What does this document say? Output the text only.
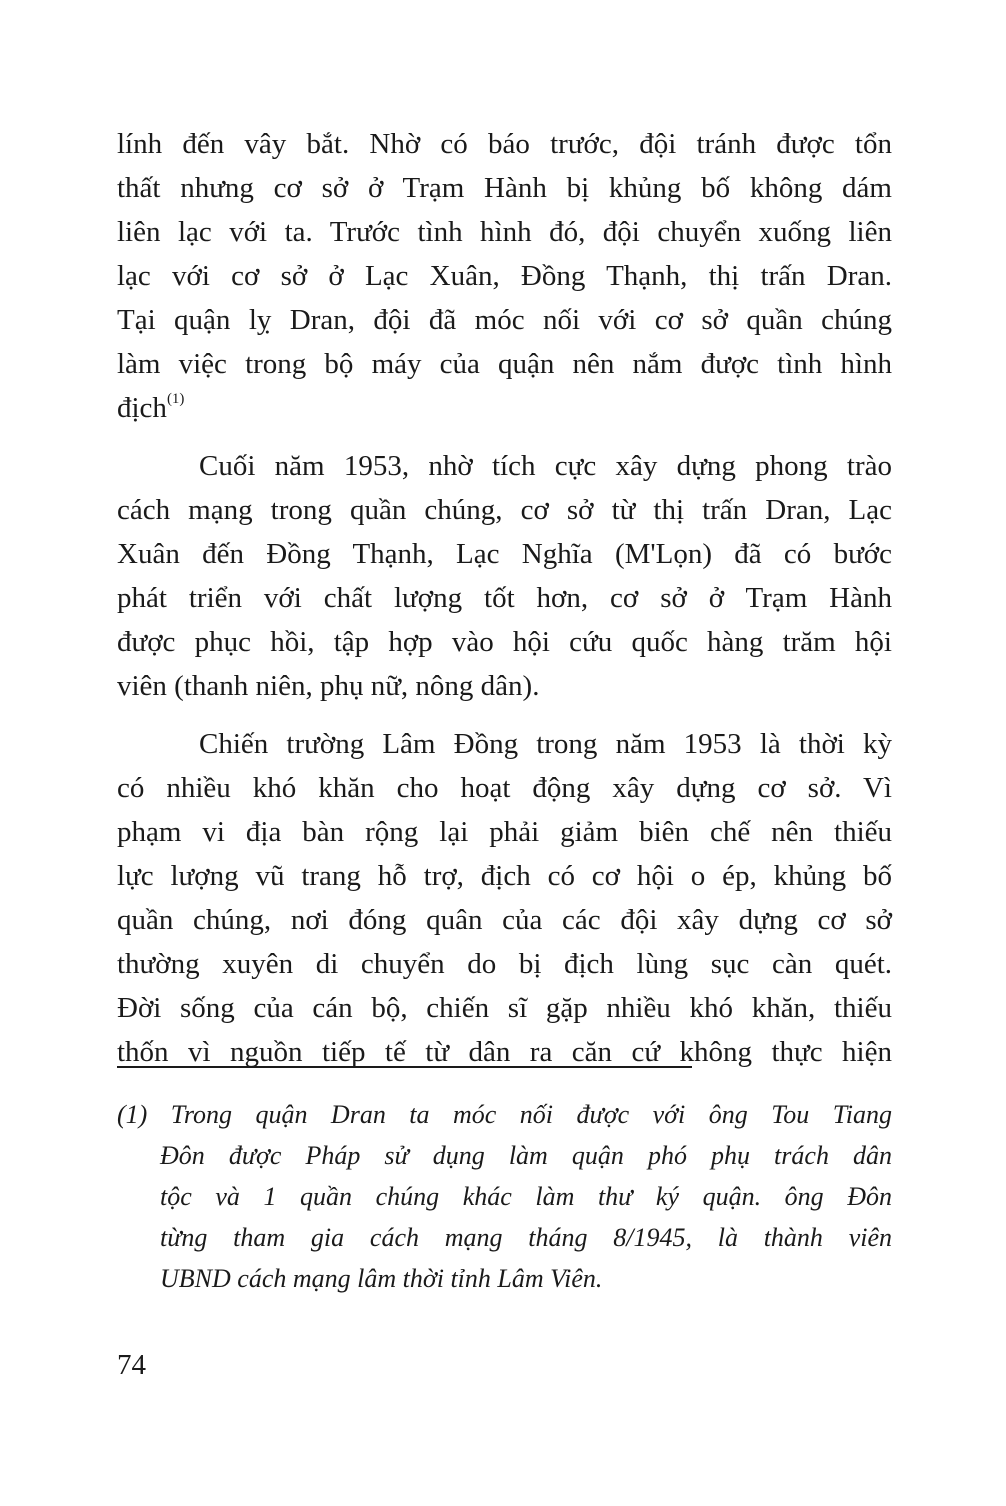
lính đến vây bắt. Nhờ có báo trước, đội tránh được tổn
thất nhưng cơ sở ở Trạm Hành bị khủng bố không dám
liên lạc với ta. Trước tình hình đó, đội chuyển xuống liên
lạc với cơ sở ở Lạc Xuân, Đồng Thạnh, thị trấn Dran.
Tại quận lỵ Dran, đội đã móc nối với cơ sở quần chúng
làm việc trong bộ máy của quận nên nắm được tình hình
địch$^{(1)}$
Cuối năm 1953, nhờ tích cực xây dựng phong trào
cách mạng trong quần chúng, cơ sở từ thị trấn Dran, Lạc
Xuân đến Đồng Thạnh, Lạc Nghĩa (M'Lọn) đã có bước
phát triển với chất lượng tốt hơn, cơ sở ở Trạm Hành
được phục hồi, tập hợp vào hội cứu quốc hàng trăm hội
viên (thanh niên, phụ nữ, nông dân).
Chiến trường Lâm Đồng trong năm 1953 là thời kỳ
có nhiều khó khăn cho hoạt động xây dựng cơ sở. Vì
phạm vi địa bàn rộng lại phải giảm biên chế nên thiếu
lực lượng vũ trang hỗ trợ, địch có cơ hội o ép, khủng bố
quần chúng, nơi đóng quân của các đội xây dựng cơ sở
thường xuyên di chuyển do bị địch lùng sục càn quét.
Đời sống của cán bộ, chiến sĩ gặp nhiều khó khăn, thiếu
thốn vì nguồn tiếp tế từ dân ra căn cứ không thực hiện
(1) Trong quận Dran ta móc nối được với ông Tou Tiang
Đôn được Pháp sử dụng làm quận phó phụ trách dân
tộc và 1 quần chúng khác làm thư ký quận. ông Đôn
từng tham gia cách mạng tháng 8/1945, là thành viên
UBND cách mạng lâm thời tỉnh Lâm Viên.
74
